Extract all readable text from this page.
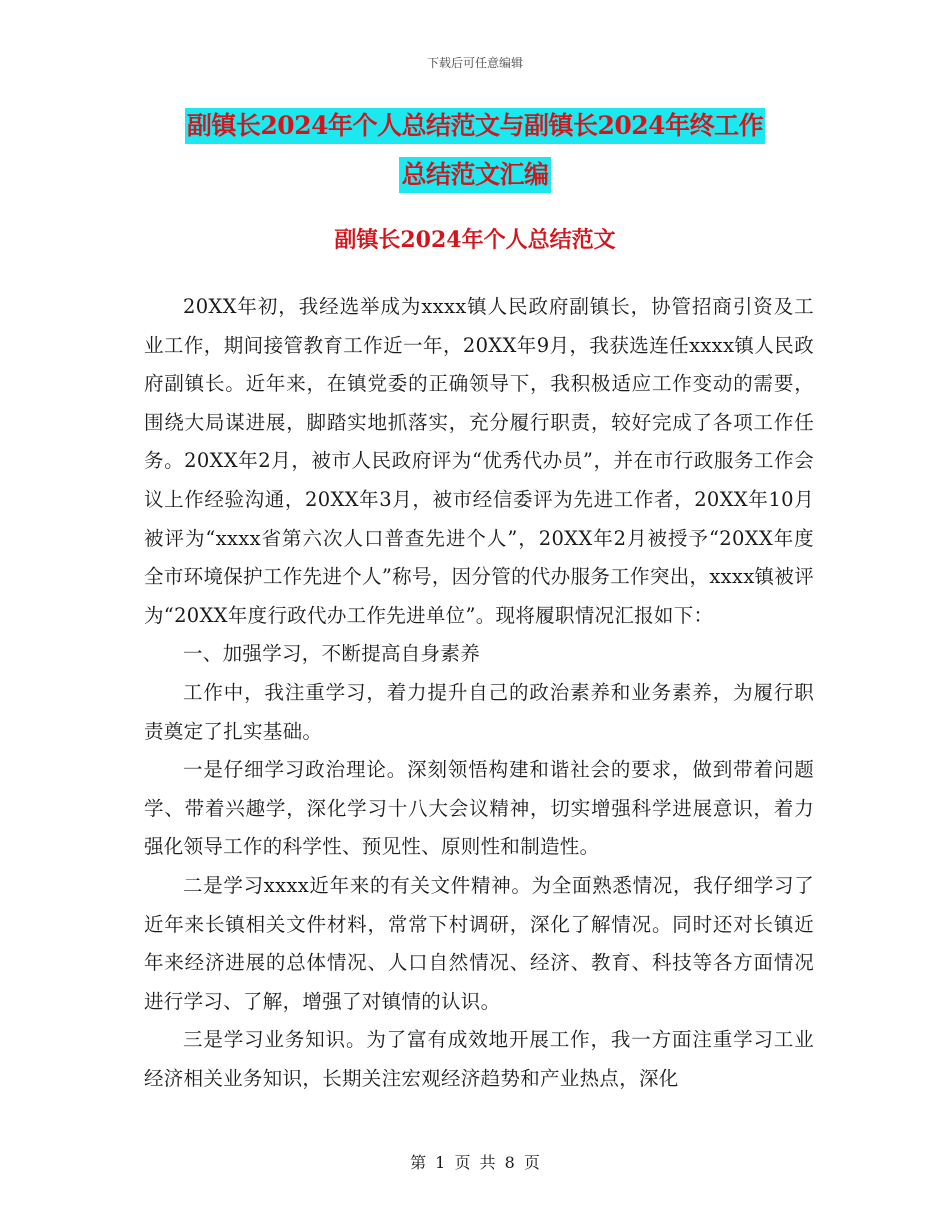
下载后可任意编辑
副镇长2024年个人总结范文与副镇长2024年终工作
总结范文汇编
副镇长2024年个人总结范文

20XX年初，我经选举成为xxxx镇人民政府副镇长，协管招商引资及工业工作，期间接管教育工作近一年，20XX年9月，我获选连任xxxx镇人民政府副镇长。近年来，在镇党委的正确领导下，我积极适应工作变动的需要，围绕大局谋进展，脚踏实地抓落实，充分履行职责，较好完成了各项工作任务。20XX年2月，被市人民政府评为“优秀代办员”，并在市行政服务工作会议上作经验沟通，20XX年3月，被市经信委评为先进工作者，20XX年10月被评为“xxxx省第六次人口普查先进个人”，20XX年2月被授予“20XX年度全市环境保护工作先进个人”称号，因分管的代办服务工作突出，xxxx镇被评为“20XX年度行政代办工作先进单位”。现将履职情况汇报如下：

一、加强学习，不断提高自身素养

工作中，我注重学习，着力提升自己的政治素养和业务素养，为履行职责奠定了扎实基础。

一是仔细学习政治理论。深刻领悟构建和谐社会的要求，做到带着问题学、带着兴趣学，深化学习十八大会议精神，切实增强科学进展意识，着力强化领导工作的科学性、预见性、原则性和制造性。

二是学习xxxx近年来的有关文件精神。为全面熟悉情况，我仔细学习了近年来长镇相关文件材料，常常下村调研，深化了解情况。同时还对长镇近年来经济进展的总体情况、人口自然情况、经济、教育、科技等各方面情况进行学习、了解，增强了对镇情的认识。

三是学习业务知识。为了富有成效地开展工作，我一方面注重学习工业经济相关业务知识，长期关注宏观经济趋势和产业热点，深化

第 1 页 共 8 页
